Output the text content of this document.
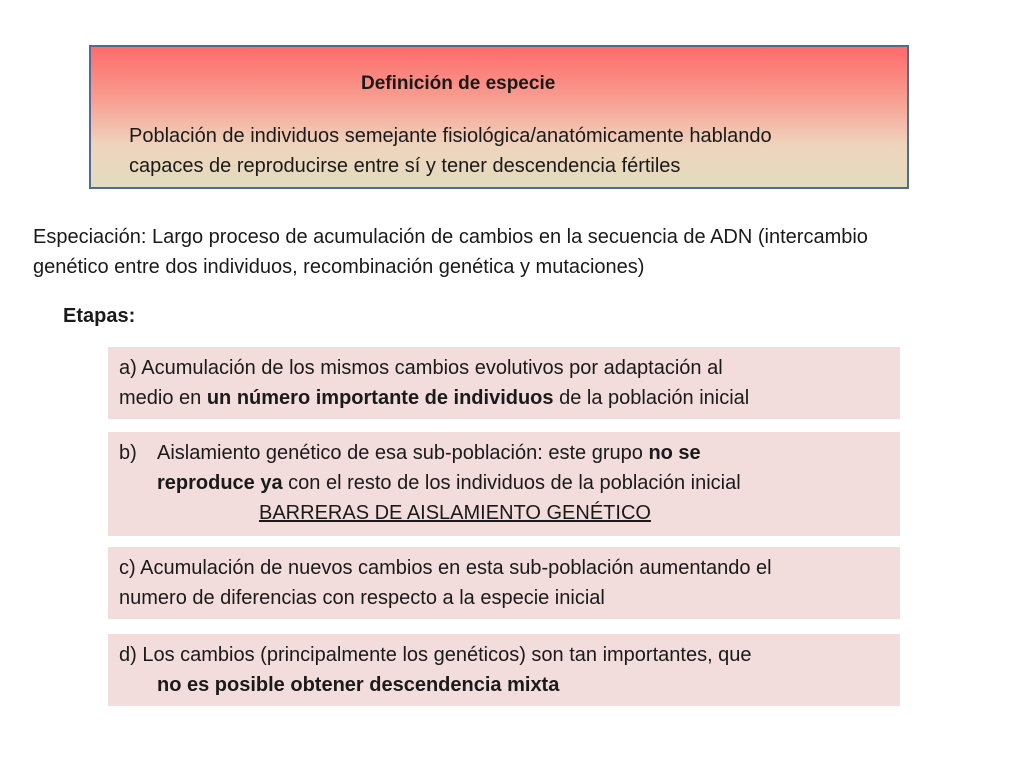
Definición de especie
Población de individuos semejante fisiológica/anatómicamente hablando
capaces de reproducirse entre sí y tener descendencia fértiles
Especiación: Largo proceso de acumulación de cambios en la secuencia de ADN (intercambio
genético entre dos individuos, recombinación genética y mutaciones)
Etapas:
a) Acumulación de los mismos cambios evolutivos por adaptación al
medio en un número importante de individuos de la población inicial
b) Aislamiento genético de esa sub-población: este grupo no se
reproduce ya con el resto de los individuos de la población inicial
BARRERAS DE AISLAMIENTO GENÉTICO
c) Acumulación de nuevos cambios en esta sub-población aumentando el
numero de diferencias con respecto a la especie inicial
d) Los cambios (principalmente los genéticos) son tan importantes, que
no es posible obtener descendencia mixta
